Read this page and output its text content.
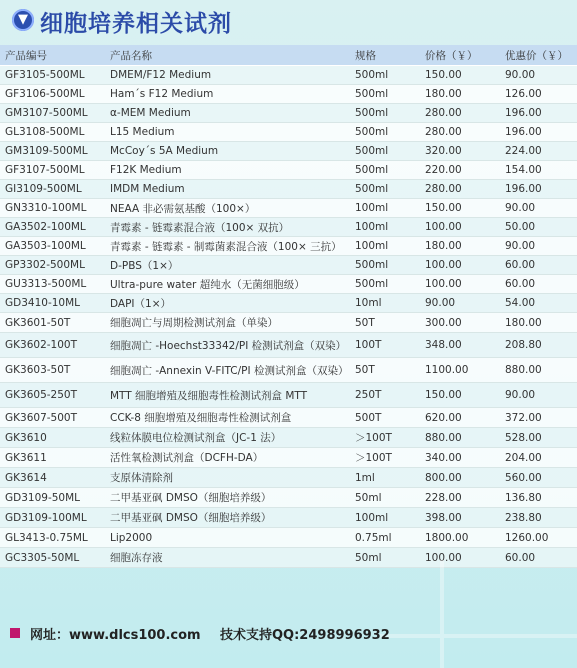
▼ 细胞培养相关试剂
产品编号	产品名称	规格	价格（￥）	优惠价（￥）
GF3105-500ML	DMEM/F12 Medium	500ml	150.00	90.00
GF3106-500ML	Ham´s F12 Medium	500ml	180.00	126.00
GM3107-500ML	α-MEM Medium	500ml	280.00	196.00
GL3108-500ML	L15 Medium	500ml	280.00	196.00
GM3109-500ML	McCoy´s 5A Medium	500ml	320.00	224.00
GF3107-500ML	F12K Medium	500ml	220.00	154.00
GI3109-500ML	IMDM Medium	500ml	280.00	196.00
GN3310-100ML	NEAA 非必需氨基酸（100×）	100ml	150.00	90.00
GA3502-100ML	青霉素 - 链霉素混合液（100× 双抗）	100ml	100.00	50.00
GA3503-100ML	青霉素 - 链霉素 - 制霉菌素混合液（100× 三抗）	100ml	180.00	90.00
GP3302-500ML	D-PBS（1×）	500ml	100.00	60.00
GU3313-500ML	Ultra-pure water 超纯水（无菌细胞级）	500ml	100.00	60.00
GD3410-10ML	DAPI（1×）	10ml	90.00	54.00
GK3601-50T	细胞凋亡与周期检测试剂盒（单染）	50T	300.00	180.00
GK3602-100T	细胞凋亡 -Hoechst33342/PI 检测试剂盒（双染）	100T	348.00	208.80
GK3603-50T	细胞凋亡 -Annexin V-FITC/PI 检测试剂盒（双染）	50T	1100.00	880.00
GK3605-250T	MTT 细胞增殖及细胞毒性检测试剂盒 MTT	250T	150.00	90.00
GK3607-500T	CCK-8 细胞增殖及细胞毒性检测试剂盒	500T	620.00	372.00
GK3610	线粒体膜电位检测试剂盒（JC-1 法）	＞100T	880.00	528.00
GK3611	活性氧检测试剂盒（DCFH-DA）	＞100T	340.00	204.00
GK3614	支原体清除剂	1ml	800.00	560.00
GD3109-50ML	二甲基亚砜 DMSO（细胞培养级）	50ml	228.00	136.80
GD3109-100ML	二甲基亚砜 DMSO（细胞培养级）	100ml	398.00	238.80
GL3413-0.75ML	Lip2000	0.75ml	1800.00	1260.00
GC3305-50ML	细胞冻存液	50ml	100.00	60.00
网址：www.dlcs100.com 技术支持QQ:2498996932
